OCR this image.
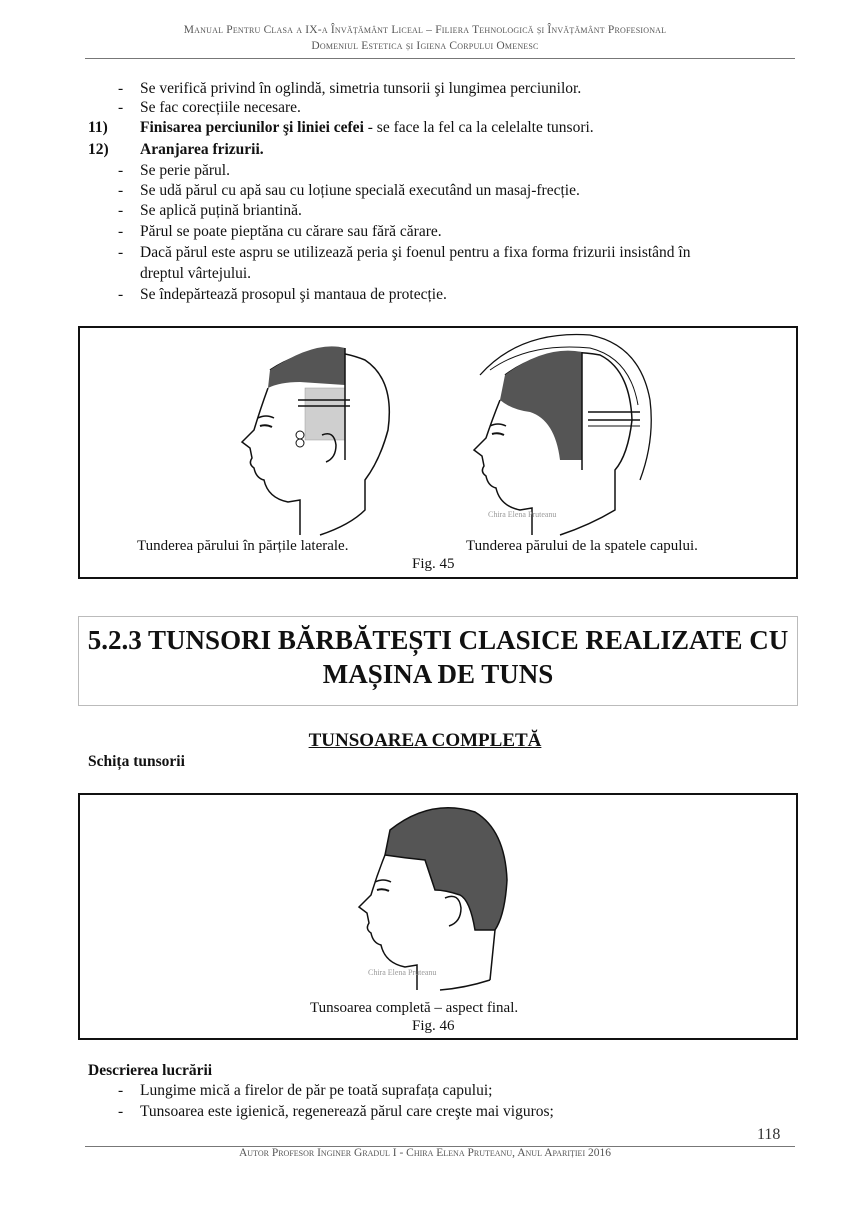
Manual Pentru Clasa a IX-a Învățământ Liceal – Filiera Tehnologică și Învățământ Profesional
Domeniul Estetica și Igiena Corpului Omenesc
- Se verifică privind în oglindă, simetria tunsorii şi lungimea perciunilor.
- Se fac corecțiile necesare.
11) Finisarea perciunilor şi liniei cefei - se face la fel ca la celelalte tunsori.
12) Aranjarea frizurii.
- Se perie părul.
- Se udă părul cu apă sau cu loțiune specială executând un masaj-frecție.
- Se aplică puțină briantină.
- Părul se poate pieptăna cu cărare sau fără cărare.
- Dacă părul este aspru se utilizează peria şi foenul pentru a fixa forma frizurii insistând în
dreptul vârtejului.
- Se îndepărtează prosopul şi mantaua de protecție.
Chira Elena Pruteanu
Tunderea părului în părțile laterale.	Tunderea părului de la spatele capului.
Fig. 45
5.2.3 TUNSORI BĂRBĂTEȘTI CLASICE REALIZATE CU
MAȘINA DE TUNS
TUNSOAREA COMPLETĂ
Schița tunsorii
Chira Elena Pruteanu
Tunsoarea completă – aspect final.
Fig. 46
Descrierea lucrării
- Lungime mică a firelor de păr pe toată suprafața capului;
- Tunsoarea este igienică, regenerează părul care creşte mai viguros;
118
Autor Profesor Inginer Gradul I - Chira Elena Pruteanu, Anul Apariției 2016
